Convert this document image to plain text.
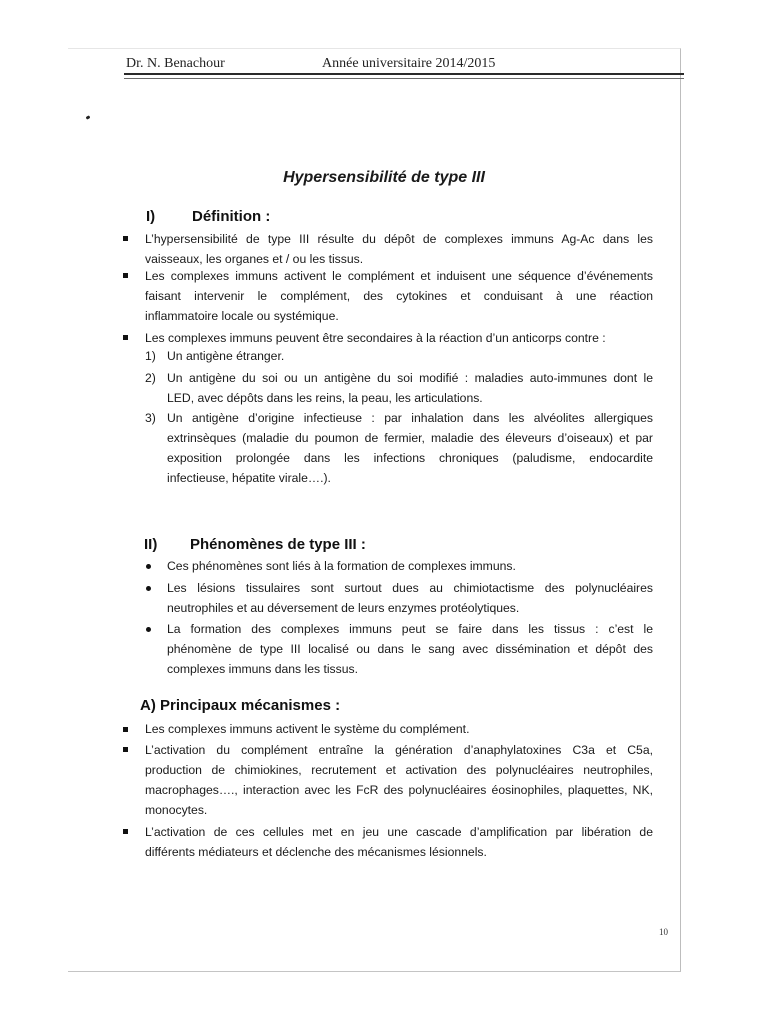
Dr. N. Benachour	Année universitaire 2014/2015
Hypersensibilité de type III
I) Définition :
L’hypersensibilité de type III résulte du dépôt de complexes immuns Ag-Ac dans les
vaisseaux, les organes et / ou les tissus.
Les complexes immuns activent le complément et induisent une séquence d’événements
faisant intervenir le complément, des cytokines et conduisant à une réaction
inflammatoire locale ou systémique.
Les complexes immuns peuvent être secondaires à la réaction d’un anticorps contre :
1) Un antigène étranger.
2) Un antigène du soi ou un antigène du soi modifié : maladies auto-immunes dont le
LED, avec dépôts dans les reins, la peau, les articulations.
3) Un antigène d’origine infectieuse : par inhalation dans les alvéolites allergiques
extrinsèques (maladie du poumon de fermier, maladie des éleveurs d’oiseaux) et par
exposition prolongée dans les infections chroniques (paludisme, endocardite
infectieuse, hépatite virale….).
II) Phénomènes de type III :
Ces phénomènes sont liés à la formation de complexes immuns.
Les lésions tissulaires sont surtout dues au chimiotactisme des polynucléaires
neutrophiles et au déversement de leurs enzymes protéolytiques.
La formation des complexes immuns peut se faire dans les tissus : c’est le
phénomène de type III localisé ou dans le sang avec dissémination et dépôt des
complexes immuns dans les tissus.
A) Principaux mécanismes :
Les complexes immuns activent le système du complément.
L’activation du complément entraîne la génération d’anaphylatoxines C3a et C5a,
production de chimiokines, recrutement et activation des polynucléaires neutrophiles,
macrophages…., interaction avec les FcR des polynucléaires éosinophiles, plaquettes, NK,
monocytes.
L’activation de ces cellules met en jeu une cascade d’amplification par libération de
différents médiateurs et déclenche des mécanismes lésionnels.
10
